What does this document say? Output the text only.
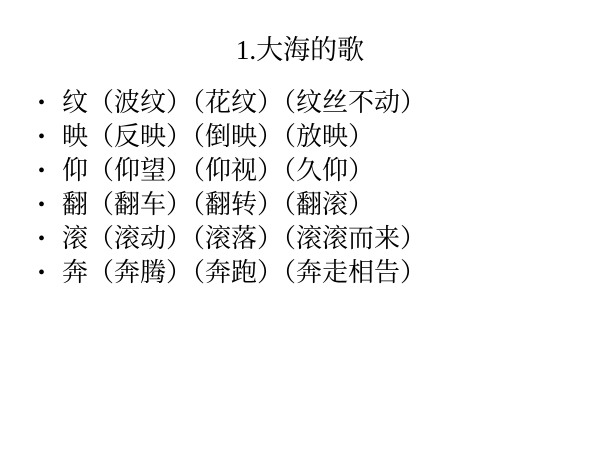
1.大海的歌
• 纹（波纹）（花纹）（纹丝不动）
• 映（反映）（倒映）（放映）
• 仰（仰望）（仰视）（久仰）
• 翻（翻车）（翻转）（翻滚）
• 滚（滚动）（滚落）（滚滚而来）
• 奔（奔腾）（奔跑）（奔走相告）
